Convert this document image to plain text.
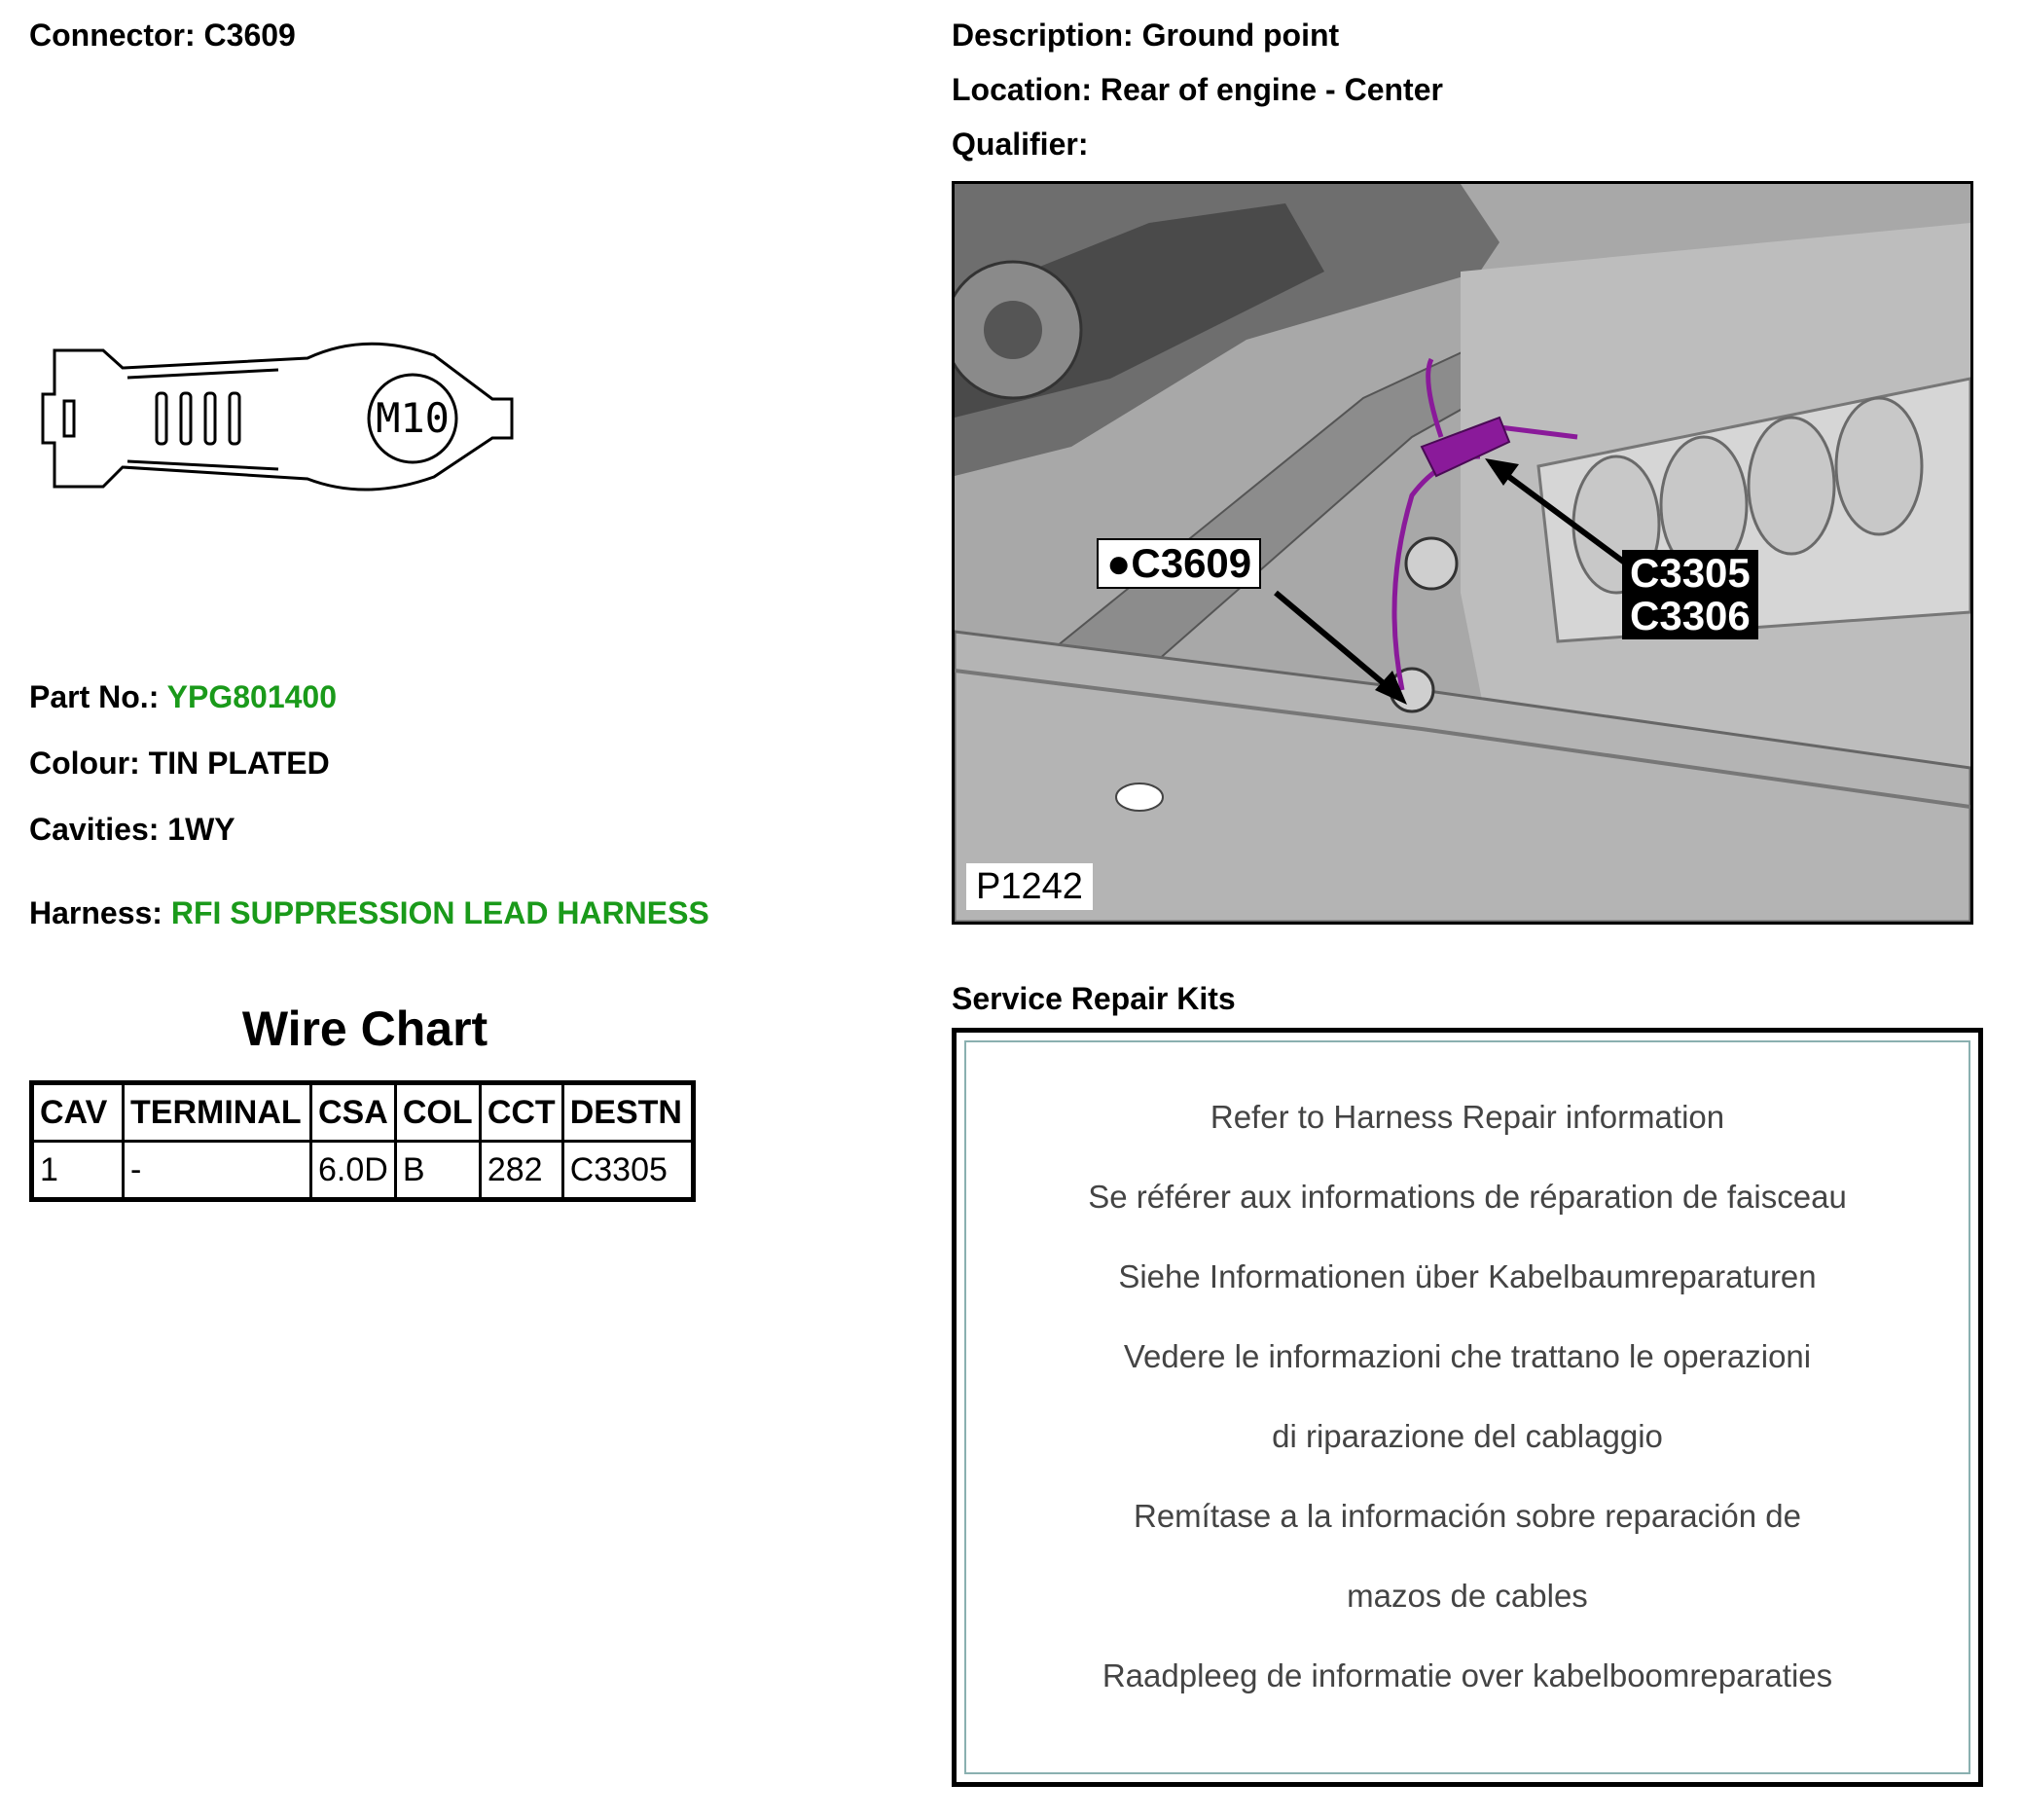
Connector: C3609
M10
Part No.: YPG801400
Colour: TIN PLATED
Cavities: 1WY
Harness: RFI SUPPRESSION LEAD HARNESS
Wire Chart
CAV	TERMINAL	CSA	COL	CCT	DESTN
1	-	6.0D	B	282	C3305
Description: Ground point
Location: Rear of engine - Center
Qualifier:
●C3609	C3305
C3306
P1242
Service Repair Kits
Refer to Harness Repair information
Se référer aux informations de réparation de faisceau
Siehe Informationen über Kabelbaumreparaturen
Vedere le informazioni che trattano le operazioni
di riparazione del cablaggio
Remítase a la información sobre reparación de
mazos de cables
Raadpleeg de informatie over kabelboomreparaties
